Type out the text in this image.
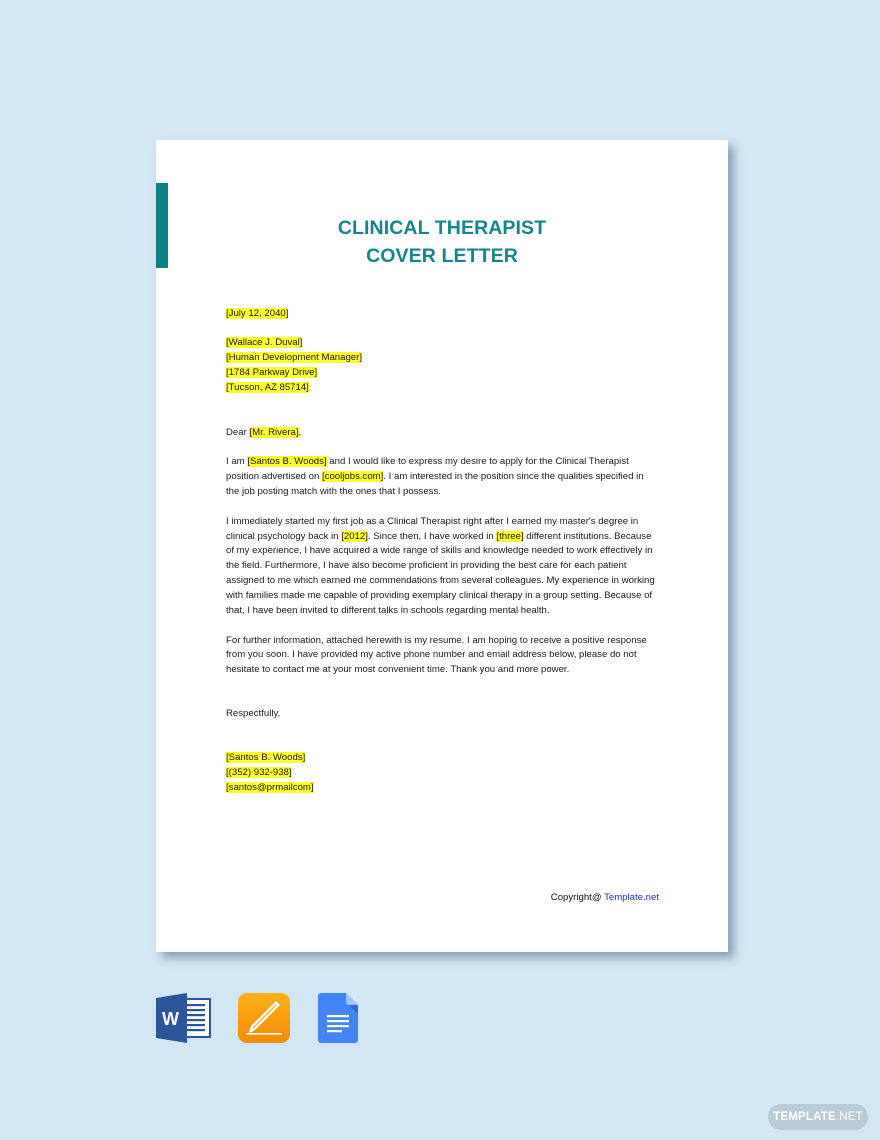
CLINICAL THERAPIST
COVER LETTER
[July 12, 2040]
[Wallace J. Duval]
[Human Development Manager]
[1784 Parkway Drive]
[Tucson, AZ 85714]
Dear [Mr. Rivera],
I am [Santos B. Woods] and I would like to express my desire to apply for the Clinical Therapist
position advertised on [cooljobs.com]. I am interested in the position since the qualities specified in
the job posting match with the ones that I possess.
I immediately started my first job as a Clinical Therapist right after I earned my master's degree in
clinical psychology back in [2012]. Since then, I have worked in [three] different institutions. Because
of my experience, I have acquired a wide range of skills and knowledge needed to work effectively in
the field. Furthermore, I have also become proficient in providing the best care for each patient
assigned to me which earned me commendations from several colleagues. My experience in working
with families made me capable of providing exemplary clinical therapy in a group setting. Because of
that, I have been invited to different talks in schools regarding mental health.
For further information, attached herewith is my resume. I am hoping to receive a positive response
from you soon. I have provided my active phone number and email address below, please do not
hesitate to contact me at your most convenient time. Thank you and more power.
Respectfully,
[Santos B. Woods]
[(352) 932-938]
[santos@prmailcom]
Copyright@ Template.net
W
TEMPLATE.NET
